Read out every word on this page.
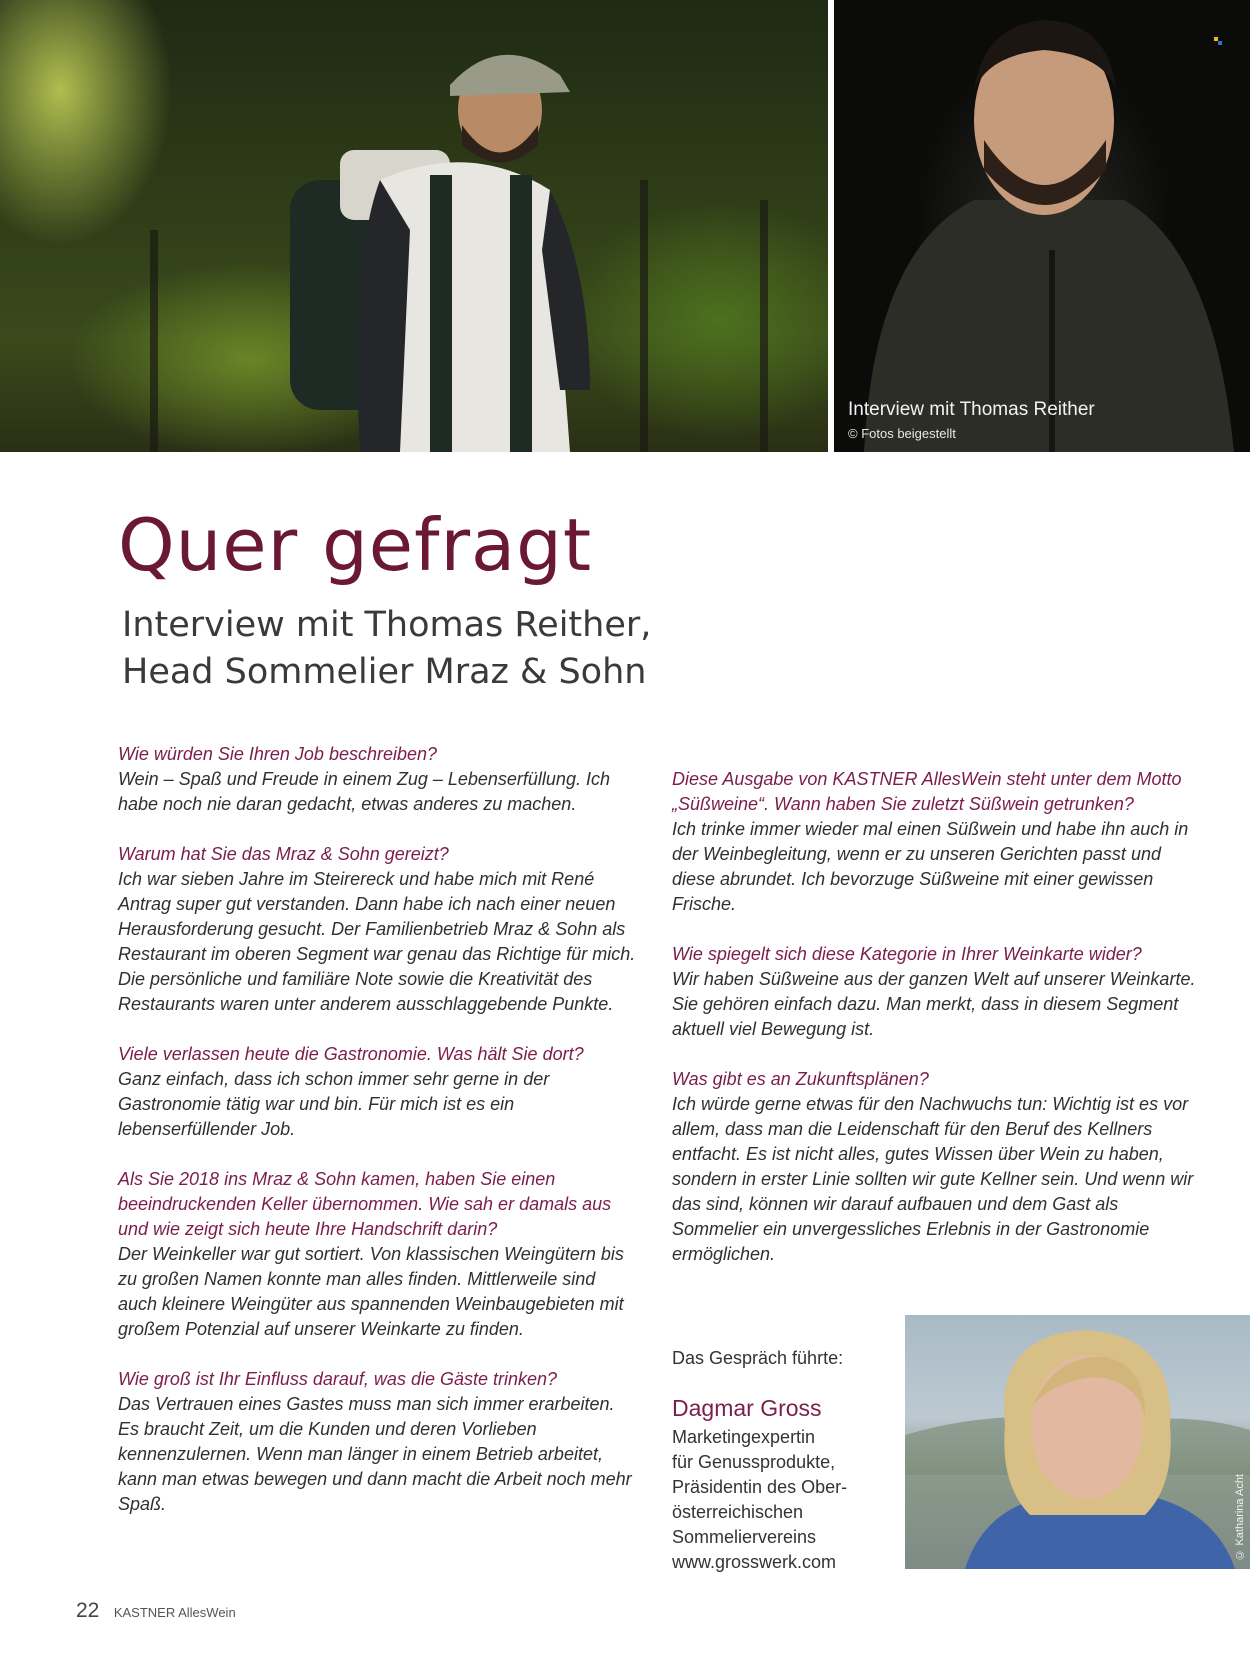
Interview mit Thomas Reither
© Fotos beigestellt
Quer gefragt
Interview mit Thomas Reither,
Head Sommelier Mraz & Sohn
Wie würden Sie Ihren Job beschreiben?
Wein – Spaß und Freude in einem Zug – Lebenserfüllung. Ich habe noch nie daran gedacht, etwas anderes zu machen.
Warum hat Sie das Mraz & Sohn gereizt?
Ich war sieben Jahre im Steirereck und habe mich mit René Antrag super gut verstanden. Dann habe ich nach einer neuen Herausforderung gesucht. Der Familienbetrieb Mraz & Sohn als Restaurant im oberen Segment war genau das Richtige für mich. Die persönliche und familiäre Note sowie die Kreativität des Restaurants waren unter anderem ausschlaggebende Punkte.
Viele verlassen heute die Gastronomie. Was hält Sie dort?
Ganz einfach, dass ich schon immer sehr gerne in der Gastronomie tätig war und bin. Für mich ist es ein lebenserfüllender Job.
Als Sie 2018 ins Mraz & Sohn kamen, haben Sie einen beeindruckenden Keller übernommen. Wie sah er damals aus und wie zeigt sich heute Ihre Handschrift darin?
Der Weinkeller war gut sortiert. Von klassischen Weingütern bis zu großen Namen konnte man alles finden. Mittlerweile sind auch kleinere Weingüter aus spannenden Weinbaugebieten mit großem Potenzial auf unserer Weinkarte zu finden.
Wie groß ist Ihr Einfluss darauf, was die Gäste trinken?
Das Vertrauen eines Gastes muss man sich immer erarbeiten. Es braucht Zeit, um die Kunden und deren Vorlieben kennenzulernen. Wenn man länger in einem Betrieb arbeitet, kann man etwas bewegen und dann macht die Arbeit noch mehr Spaß.
Diese Ausgabe von KASTNER AllesWein steht unter dem Motto „Süßweine“. Wann haben Sie zuletzt Süßwein getrunken?
Ich trinke immer wieder mal einen Süßwein und habe ihn auch in der Weinbegleitung, wenn er zu unseren Gerichten passt und diese abrundet. Ich bevorzuge Süßweine mit einer gewissen Frische.
Wie spiegelt sich diese Kategorie in Ihrer Weinkarte wider?
Wir haben Süßweine aus der ganzen Welt auf unserer Weinkarte. Sie gehören einfach dazu. Man merkt, dass in diesem Segment aktuell viel Bewegung ist.
Was gibt es an Zukunftsplänen?
Ich würde gerne etwas für den Nachwuchs tun: Wichtig ist es vor allem, dass man die Leidenschaft für den Beruf des Kellners entfacht. Es ist nicht alles, gutes Wissen über Wein zu haben, sondern in erster Linie sollten wir gute Kellner sein. Und wenn wir das sind, können wir darauf aufbauen und dem Gast als Sommelier ein unvergessliches Erlebnis in der Gastronomie ermöglichen.
Das Gespräch führte:
Dagmar Gross
Marketingexpertin
für Genussprodukte,
Präsidentin des Ober-
österreichischen
Sommeliervereins
www.grosswerk.com
© Katharina Acht
22 KASTNER AllesWein
